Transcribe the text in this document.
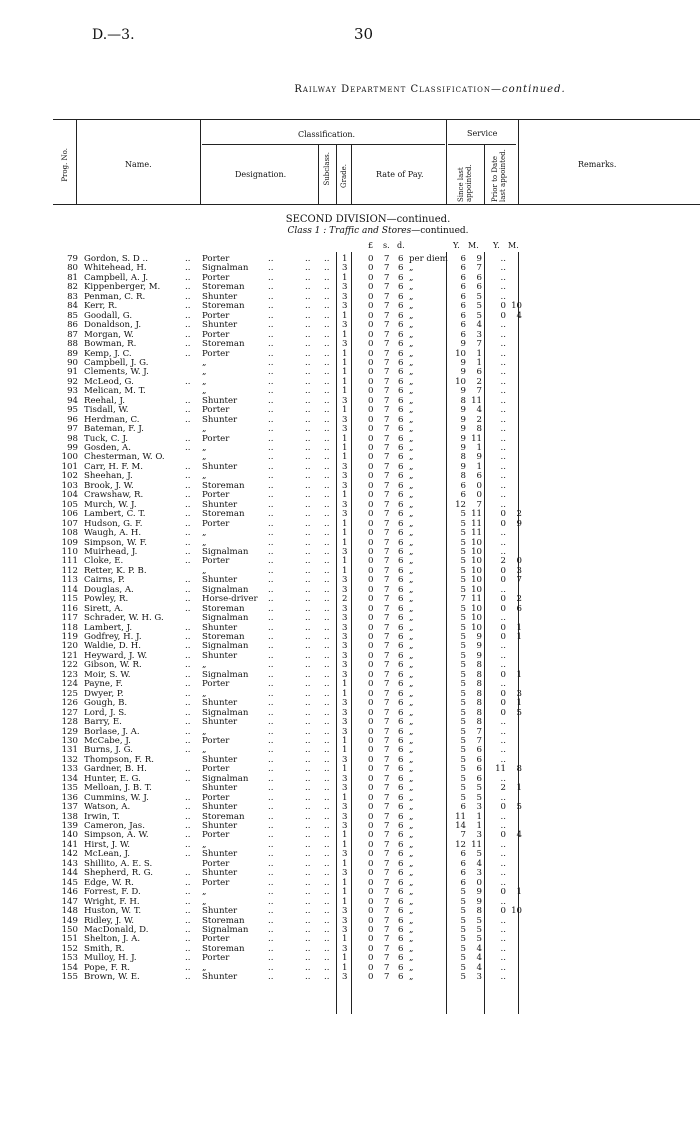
D.—3.	30
Railway Department Classification—continued.
Prog. No.	Name.
Classification.
Designation.	Subclass. Grade.	Rate of Pay.
Service
Since last appointed.	Prior to Date last appointed.	Remarks.
SECOND DIVISION—continued.
Class 1 : Traffic and Stores—continued.
£ s. d.	Y. M. Y. M.
79 Gordon, S. D ..	.. Porter	..	.. .. 1 0 7 6 per diem	6	9	..
80 Whitehead, H.	.. Signalman ..	.. .. 3 0 7 6 „	6	7	..
81 Campbell, A. J.	.. Porter	..	.. .. 1 0 7 6 „	6	6	..
82 Kippenberger, M.	.. Storeman	..	.. .. 3 0 7 6 „	6	6	..
83 Penman, C. R.	.. Shunter	..	.. .. 3 0 7 6 „	6	5	..
84 Kerr, R.	.. Storeman	..	.. .. 3 0 7 6 „	6	5	0 10
85 Goodall, G.	.. Porter	..	.. .. 1 0 7 6 „	6	5	0	4
86 Donaldson, J.	.. Shunter	..	.. .. 3 0 7 6 „	6	4	..
87 Morgan, W.	.. Porter	..	.. .. 1 0 7 6 „	6	3	..
88 Bowman, R.	.. Storeman	..	.. .. 3 0 7 6 „	9	7	..
89 Kemp, J. C.	.. Porter	..	.. .. 1 0 7 6 „	10	1	..
90 Campbell, J. G.	„	..	.. .. 1 0 7 6 „	9	1	..
91 Clements, W. J.	„	..	.. .. 1 0 7 6 „	9	6	..
92 McLeod, G.	.. „	..	.. .. 1 0 7 6 „	10	2	..
93 Melican, M. T.	„	..	.. .. 1 0 7 6 „	9	7	..
94 Reehal, J.	.. Shunter	..	.. .. 3 0 7 6 „	8 11	..
95 Tisdall, W.	.. Porter	..	.. .. 1 0 7 6 „	9	4	..
96 Herdman, C.	.. Shunter	..	.. .. 3 0 7 6 „	9	2	..
97 Bateman, F. J.	„	..	.. .. 3 0 7 6 „	9	8	..
98 Tuck, C. J.	.. Porter	..	.. .. 1 0 7 6 „	9 11	..
99 Gosden, A.	.. „	..	.. .. 1 0 7 6 „	9	1	..
100 Chesterman, W. O.	„	..	.. .. 1 0 7 6 „	8	9	..
101 Carr, H. F. M.	.. Shunter	..	.. .. 3 0 7 6 „	9	1	..
102 Sheehan, J.	.. „	..	.. .. 3 0 7 6 „	8	6	..
103 Brook, J. W.	.. Storeman	..	.. .. 3 0 7 6 „	6	0	..
104 Crawshaw, R.	.. Porter	..	.. .. 1 0 7 6 „	6	0	..
105 Murch, W. J.	.. Shunter	..	.. .. 3 0 7 6 „	12	7	..
106 Lambert, C. T.	.. Storeman	..	.. .. 3 0 7 6 „	5 11	0	2
107 Hudson, G. F.	.. Porter	..	.. .. 1 0 7 6 „	5 11	0	9
108 Waugh, A. H.	.. „	..	.. .. 1 0 7 6 „	5 11	..
109 Simpson, W. F.	.. „	..	.. .. 1 0 7 6 „	5 10	..
110 Muirhead, J.	.. Signalman ..	.. .. 3 0 7 6 „	5 10	..
111 Cloke, E.	.. Porter	..	.. .. 1 0 7 6 „	5 10	2	0
112 Retter, K. P. B.	„	..	.. .. 1 0 7 6 „	5 10	0	3
113 Cairns, P.	.. Shunter	..	.. .. 3 0 7 6 „	5 10	0	7
114 Douglas, A.	.. Signalman ..	.. .. 3 0 7 6 „	5 10	..
115 Powley, R.	.. Horse-driver ..	.. .. 2 0 7 6 „	7 11	0	2
116 Sirett, A.	.. Storeman	..	.. .. 3 0 7 6 „	5 10	0	6
117 Schrader, W. H. G.	Signalman ..	.. .. 3 0 7 6 „	5 10	..
118 Lambert, J.	.. Shunter	..	.. .. 3 0 7 6 „	5 10	0	1
119 Godfrey, H. J.	.. Storeman	..	.. .. 3 0 7 6 „	5	9	0	1
120 Waldie, D. H.	.. Signalman ..	.. .. 3 0 7 6 „	5	9	..
121 Heyward, J. W.	.. Shunter	..	.. .. 3 0 7 6 „	5	9	..
122 Gibson, W. R.	.. „	..	.. .. 3 0 7 6 „	5	8	..
123 Moir, S. W.	.. Signalman ..	.. .. 3 0 7 6 „	5	8	0	1
124 Payne, F.	.. Porter	..	.. .. 1 0 7 6 „	5	8	..
125 Dwyer, P.	.. „	..	.. .. 1 0 7 6 „	5	8	0	3
126 Gough, B.	.. Shunter	..	.. .. 3 0 7 6 „	5	8	0	1
127 Lord, J. S.	.. Signalman ..	.. .. 3 0 7 6 „	5	8	0	5
128 Barry, E.	.. Shunter	..	.. .. 3 0 7 6 „	5	8	..
129 Borlase, J. A.	.. „	..	.. .. 3 0 7 6 „	5	7	..
130 McCabe, J.	.. Porter	..	.. .. 1 0 7 6 „	5	7	..
131 Burns, J. G.	.. „	..	.. .. 1 0 7 6 „	5	6	..
132 Thompson, F. R.	Shunter	..	.. .. 3 0 7 6 „	5	6	..
133 Gardner, B. H.	.. Porter	..	.. .. 1 0 7 6 „	5	6	11	8
134 Hunter, E. G.	.. Signalman ..	.. .. 3 0 7 6 „	5	6	..
135 Melloan, J. B. T.	Shunter	..	.. .. 3 0 7 6 „	5	5	2	1
136 Cummins, W. J.	.. Porter	..	.. .. 1 0 7 6 „	5	5	..
137 Watson, A.	.. Shunter	..	.. .. 3 0 7 6 „	6	3	0	5
138 Irwin, T.	.. Storeman	..	.. .. 3 0 7 6 „	11	1	..
139 Cameron, Jas.	.. Shunter	..	.. .. 3 0 7 6 „	14	1	..
140 Simpson, A. W.	.. Porter	..	.. .. 1 0 7 6 „	7	3	0	4
141 Hirst, J. W.	.. „	..	.. .. 1 0 7 6 „	12 11	..
142 McLean, J.	.. Shunter	..	.. .. 3 0 7 6 „	6	5	..
143 Shillito, A. E. S.	Porter	..	.. .. 1 0 7 6 „	6	4	..
144 Shepherd, R. G.	.. Shunter	..	.. .. 3 0 7 6 „	6	3	..
145 Edge, W. R.	.. Porter	..	.. .. 1 0 7 6 „	6	0	..
146 Forrest, F. D.	.. „	..	.. .. 1 0 7 6 „	5	9	0	1
147 Wright, F. H.	.. „	..	.. .. 1 0 7 6 „	5	9	..
148 Huston, W. T.	.. Shunter	..	.. .. 3 0 7 6 „	5	8	0 10
149 Ridley, J. W.	.. Storeman	..	.. .. 3 0 7 6 „	5	5	..
150 MacDonald, D.	.. Signalman ..	.. .. 3 0 7 6 „	5	5	..
151 Shelton, J. A.	.. Porter	..	.. .. 1 0 7 6 „	5	5	..
152 Smith, R.	.. Storeman	..	.. .. 3 0 7 6 „	5	4	..
153 Mulloy, H. J.	.. Porter	..	.. .. 1 0 7 6 „	5	4	..
154 Pope, F. R.	.. „	..	.. .. 1 0 7 6 „	5	4	..
155 Brown, W. E.	.. Shunter	..	.. .. 3 0 7 6 „	5	3	..
